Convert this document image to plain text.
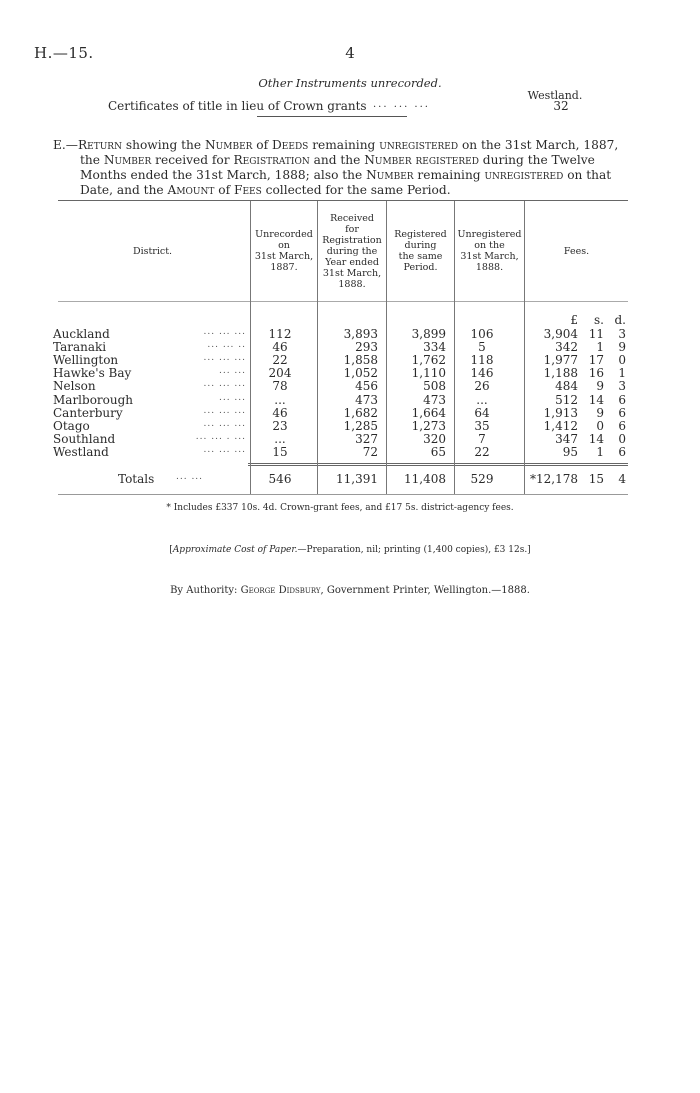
H.—15.	4
Other Instruments unrecorded.
Westland.
Certificates of title in lieu of Crown grants ... ... ...	32
E.—Return showing the Number of Deeds remaining unregistered on the 31st March, 1887,
the Number received for Registration and the Number registered during the Twelve
Months ended the 31st March, 1888; also the Number remaining unregistered on that
Date, and the Amount of Fees collected for the same Period.
District.
Unrecorded
on
31st March,
1887.
Received
for
Registration
during the
Year ended
31st March,
1888.
Registered
during
the same
Period.
Unregistered
on the
31st March,
1888.
Fees.
£	s. d.
Auckland	... ... ...	112	3,893	3,899	106	3,904 11	3
Taranaki	... ... ..	46	293	334	5	342	1	9
Wellington	... ... ...	22	1,858	1,762	118	1,977 17	0
Hawke's Bay	... ...	204	1,052	1,110	146	1,188 16	1
Nelson	... ... ...	78	456	508	26	484	9	3
Marlborough	... ...	...	473	473	...	512 14	6
Canterbury	... ... ...	46	1,682	1,664	64	1,913	9	6
Otago	... ... ...	23	1,285	1,273	35	1,412	0	6
Southland	... ... . ...	...	327	320	7	347 14	0
Westland	... ... ...	15	72	65	22	95	1	6
Totals ... ...	546	11,391	11,408	529	*12,178 15	4
* Includes £337 10s. 4d. Crown-grant fees, and £17 5s. district-agency fees.
[Approximate Cost of Paper.—Preparation, nil; printing (1,400 copies), £3 12s.]
By Authority: George Didsbury, Government Printer, Wellington.—1888.
